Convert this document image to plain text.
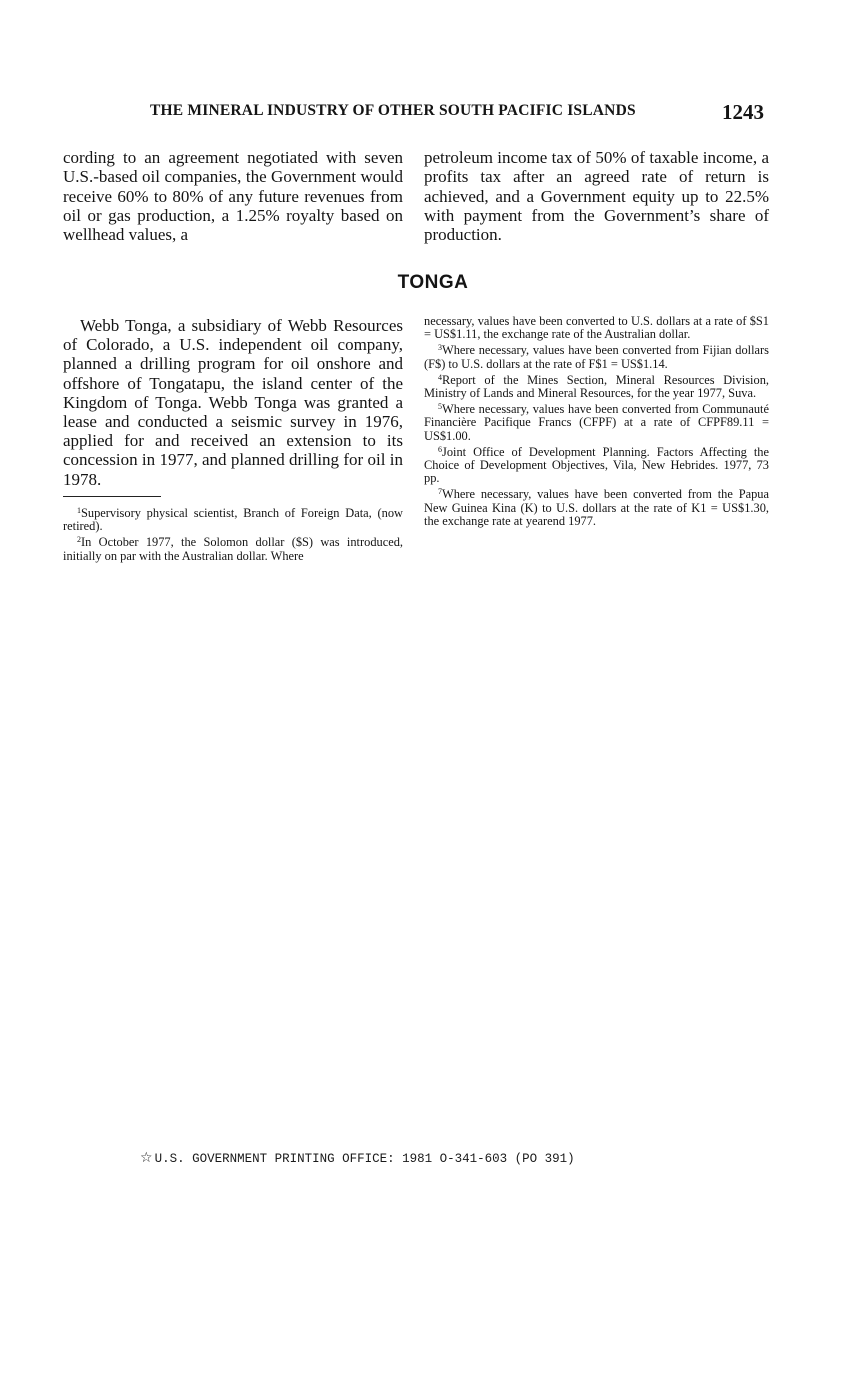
THE MINERAL INDUSTRY OF OTHER SOUTH PACIFIC ISLANDS	1243
cording to an agreement negotiated with seven U.S.-based oil companies, the Government would receive 60% to 80% of any future revenues from oil or gas production, a 1.25% royalty based on wellhead values, a
petroleum income tax of 50% of taxable income, a profits tax after an agreed rate of return is achieved, and a Government equity up to 22.5% with payment from the Government’s share of production.
TONGA
Webb Tonga, a subsidiary of Webb Resources of Colorado, a U.S. independent oil company, planned a drilling program for oil onshore and offshore of Tongatapu, the island center of the Kingdom of Tonga. Webb Tonga was granted a lease and conducted a seismic survey in 1976, applied for and received an extension to its concession in 1977, and planned drilling for oil in 1978.

$^1$Supervisory physical scientist, Branch of Foreign Data, (now retired).

$^2$In October 1977, the Solomon dollar ($S) was introduced, initially on par with the Australian dollar. Where

necessary, values have been converted to U.S. dollars at a rate of $S1 = US$1.11, the exchange rate of the Australian dollar.

$^3$Where necessary, values have been converted from Fijian dollars (F$) to U.S. dollars at the rate of F$1 = US$1.14.

$^4$Report of the Mines Section, Mineral Resources Division, Ministry of Lands and Mineral Resources, for the year 1977, Suva.

$^5$Where necessary, values have been converted from Communauté Financière Pacifique Francs (CFPF) at a rate of CFPF89.11 = US$1.00.

$^6$Joint Office of Development Planning. Factors Affecting the Choice of Development Objectives, Vila, New Hebrides. 1977, 73 pp.

$^7$Where necessary, values have been converted from the Papua New Guinea Kina (K) to U.S. dollars at the rate of K1 = US$1.30, the exchange rate at yearend 1977.

☆ U.S. GOVERNMENT PRINTING OFFICE: 1981 O-341-603 (PO 391)
